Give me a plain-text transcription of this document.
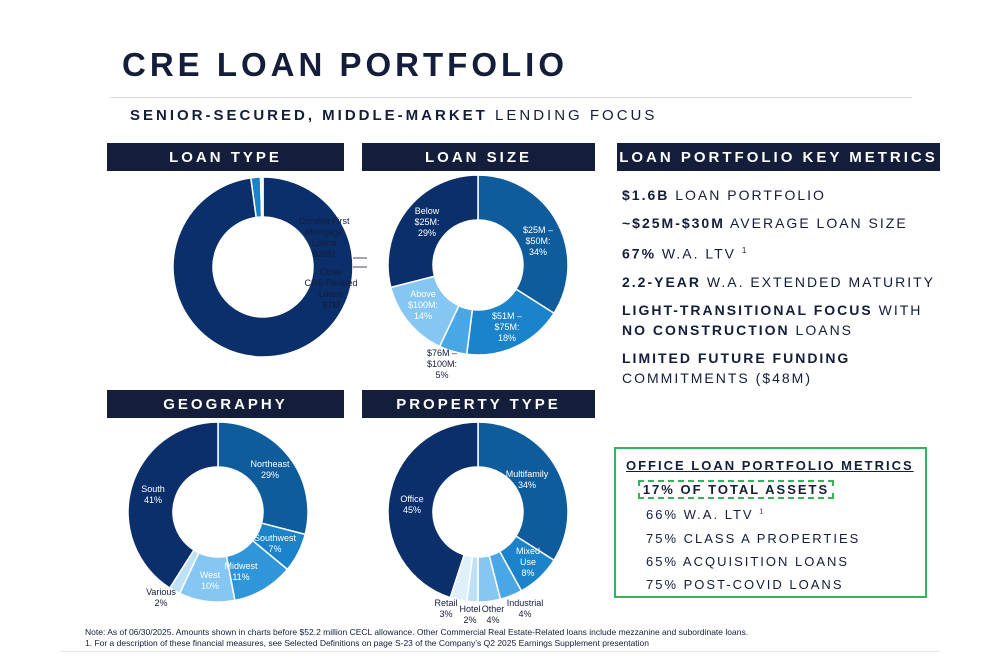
CRE LOAN PORTFOLIO
SENIOR-SECURED, MIDDLE-MARKET LENDING FOCUS
LOAN TYPE	LOAN SIZE	LOAN PORTFOLIO KEY METRICS
GEOGRAPHY	PROPERTY TYPE
Balance Sheet First Mortgage Loans $1,586M
Conduit First Mortgage Loans $28M
Other CRE-Related Loans $7M
$25M – $50M: 34%
$51M – $75M: 18%
$76M – $100M: 5%
Above $100M: 14%
Below $25M: 29%
Northeast 29%
Southwest 7%
Midwest 11%
West 10%
Various 2%
South 41%
Multifamily 34%
Mixed Use 8%
Industrial 4%
Other 4%
Hotel 2%
Retail 3%
Office 45%
$1.6B LOAN PORTFOLIO
~$25M-$30M AVERAGE LOAN SIZE
67% W.A. LTV $^1$
2.2-YEAR W.A. EXTENDED MATURITY
LIGHT-TRANSITIONAL FOCUS WITH
NO CONSTRUCTION LOANS
LIMITED FUTURE FUNDING
COMMITMENTS ($48M)
OFFICE LOAN PORTFOLIO METRICS
17% OF TOTAL ASSETS
66% W.A. LTV $^1$
75% CLASS A PROPERTIES
65% ACQUISITION LOANS
75% POST-COVID LOANS
Note: As of 06/30/2025. Amounts shown in charts before $52.2 million CECL allowance. Other Commercial Real Estate-Related loans include mezzanine and subordinate loans.
1. For a description of these financial measures, see Selected Definitions on page S-23 of the Company’s Q2 2025 Earnings Supplement presentation
